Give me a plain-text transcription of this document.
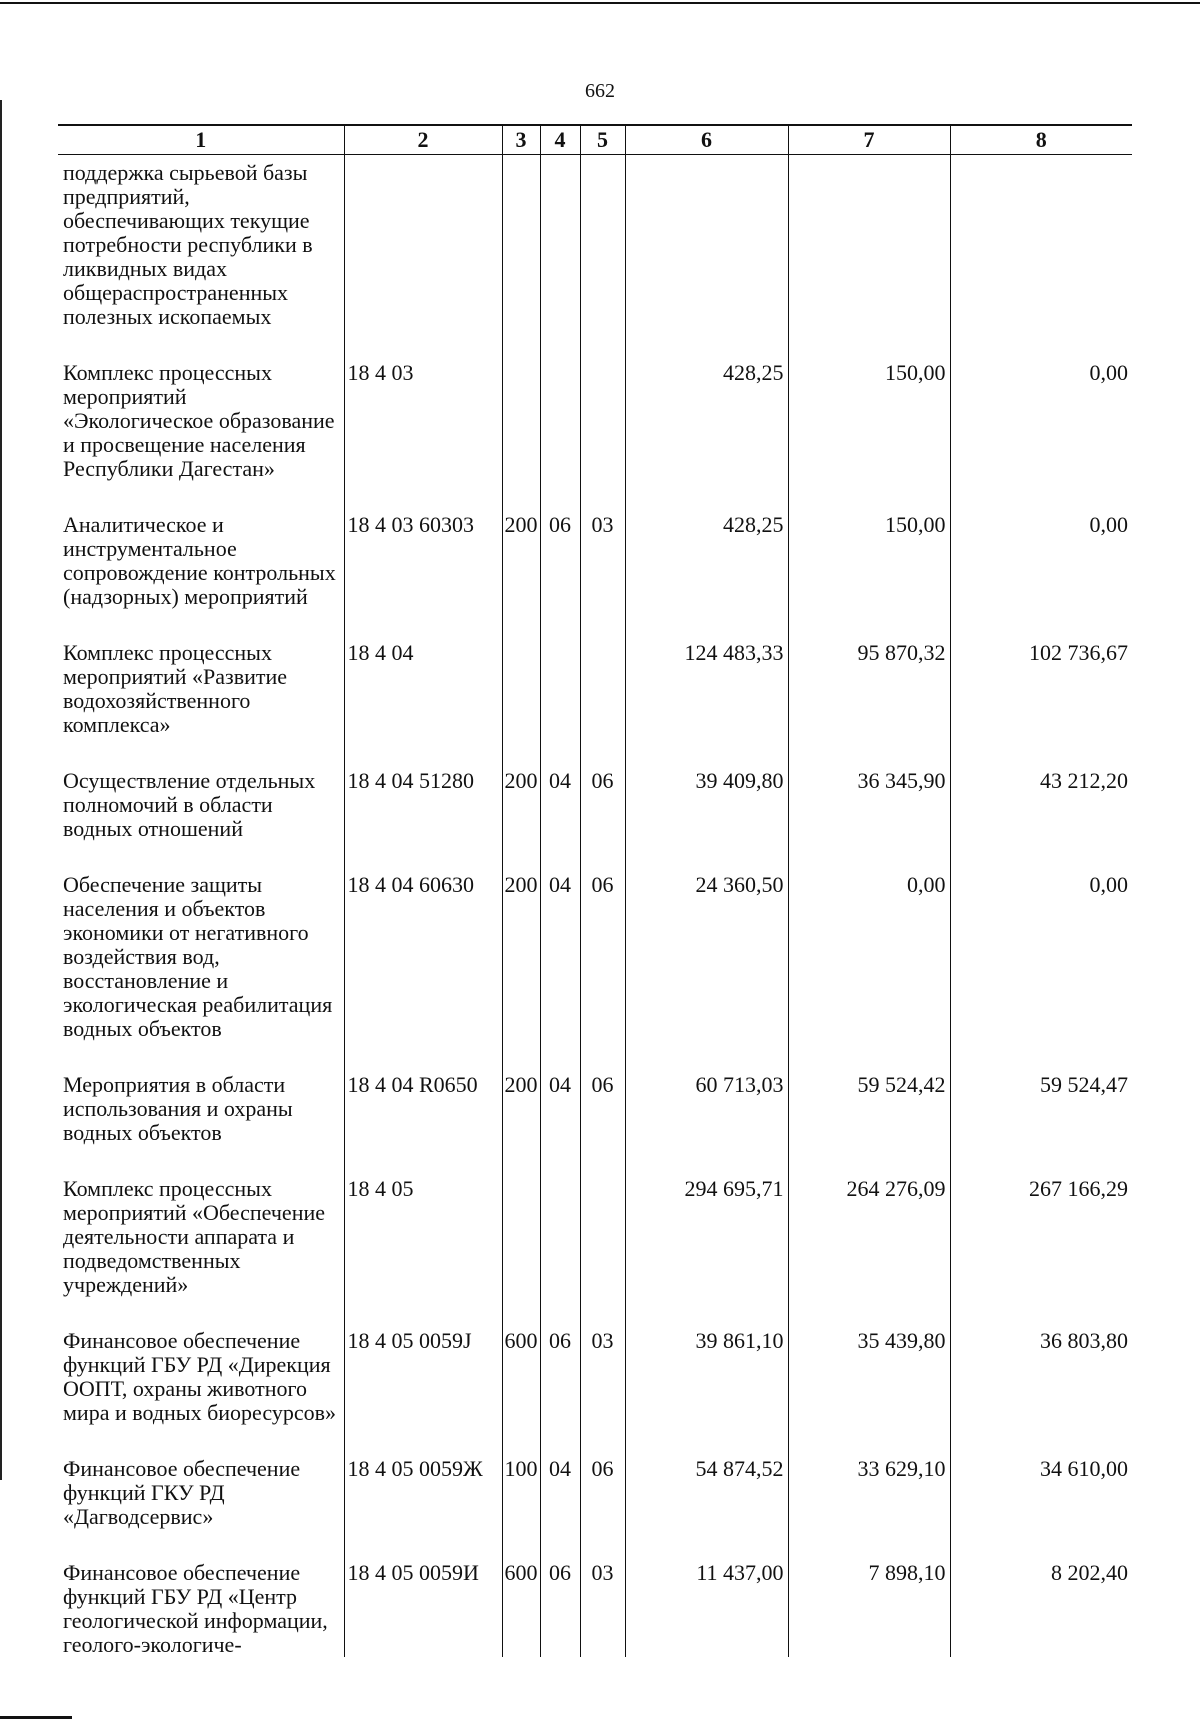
662
1	2	3	4	5	6	7	8
поддержка сырьевой базы предприятий, обеспечивающих текущие потребности республики в ликвидных видах общераспространенных полезных ископаемых							
Комплекс процессных мероприятий «Экологическое образование и просвещение населения Республики Дагестан»	18 4 03				428,25	150,00	0,00
Аналитическое и инструментальное сопровождение контрольных (надзорных) мероприятий	18 4 03 60303	200	06	03	428,25	150,00	0,00
Комплекс процессных мероприятий «Развитие водохозяйственного комплекса»	18 4 04				124 483,33	95 870,32	102 736,67
Осуществление отдельных полномочий в области водных отношений	18 4 04 51280	200	04	06	39 409,80	36 345,90	43 212,20
Обеспечение защиты населения и объектов экономики от негативного воздействия вод, восстановление и экологическая реабилитация водных объектов	18 4 04 60630	200	04	06	24 360,50	0,00	0,00
Мероприятия в области использования и охраны водных объектов	18 4 04 R0650	200	04	06	60 713,03	59 524,42	59 524,47
Комплекс процессных мероприятий «Обеспечение деятельности аппарата и подведомственных учреждений»	18 4 05				294 695,71	264 276,09	267 166,29
Финансовое обеспечение функций ГБУ РД «Дирекция ООПТ, охраны животного мира и водных биоресурсов»	18 4 05 0059J	600	06	03	39 861,10	35 439,80	36 803,80
Финансовое обеспечение функций ГКУ РД «Дагводсервис»	18 4 05 0059Ж	100	04	06	54 874,52	33 629,10	34 610,00
Финансовое обеспечение функций ГБУ РД «Центр геологической информации, геолого-экологиче-	18 4 05 0059И	600	06	03	11 437,00	7 898,10	8 202,40
